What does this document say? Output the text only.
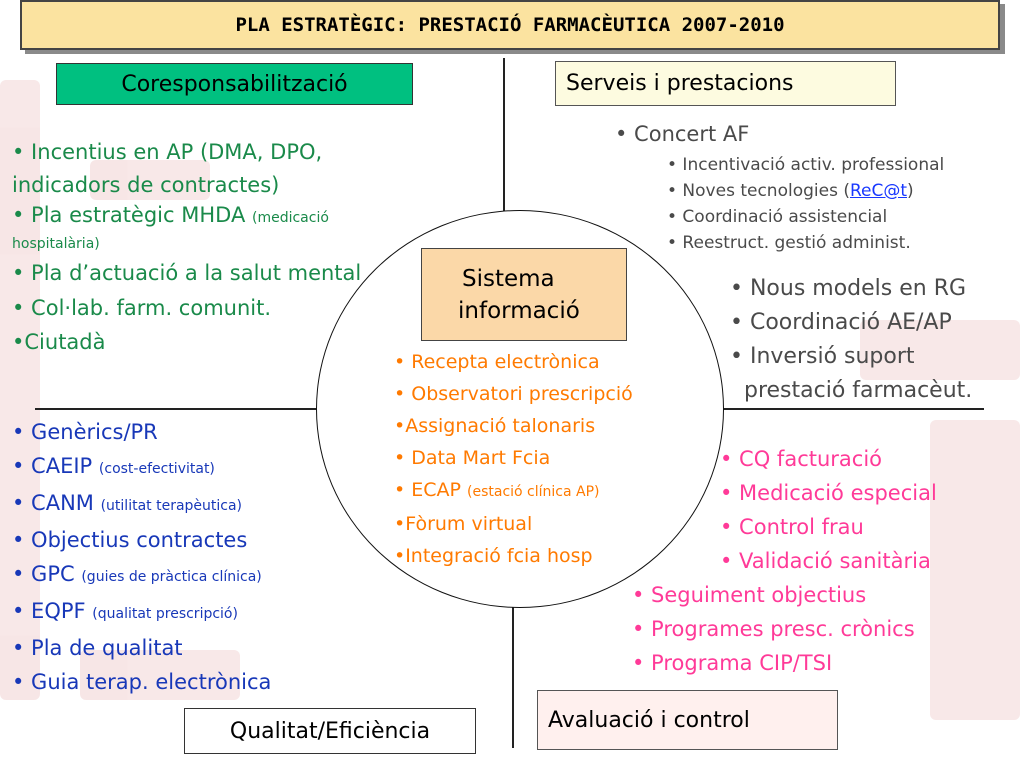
PLA ESTRATÈGIC: PRESTACIÓ FARMACÈUTICA 2007-2010
Coresponsabilització	Serveis i prestacions
• Incentius en AP (DMA, DPO,
indicadors de contractes)
• Pla estratègic MHDA (medicació
hospitalària)
• Pla d’actuació a la salut mental
• Col·lab. farm. comunit.
•Ciutadà
• Concert AF
• Incentivació activ. professional
• Noves tecnologies (ReC@t)
• Coordinació assistencial
• Reestruct. gestió administ.
• Nous models en RG
• Coordinació AE/AP
• Inversió suport
prestació farmacèut.
Sistema
informació
• Recepta electrònica
• Observatori prescripció
•Assignació talonaris
• Data Mart Fcia
• ECAP (estació clínica AP)
•Fòrum virtual
•Integració fcia hosp
• Genèrics/PR
• CAEIP (cost-efectivitat)
• CANM (utilitat terapèutica)
• Objectius contractes
• GPC (guies de pràctica clínica)
• EQPF (qualitat prescripció)
• Pla de qualitat
• Guia terap. electrònica
• CQ facturació
• Medicació especial
• Control frau
• Validació sanitària
• Seguiment objectius
• Programes presc. crònics
• Programa CIP/TSI
Qualitat/Eficiència	Avaluació i control
